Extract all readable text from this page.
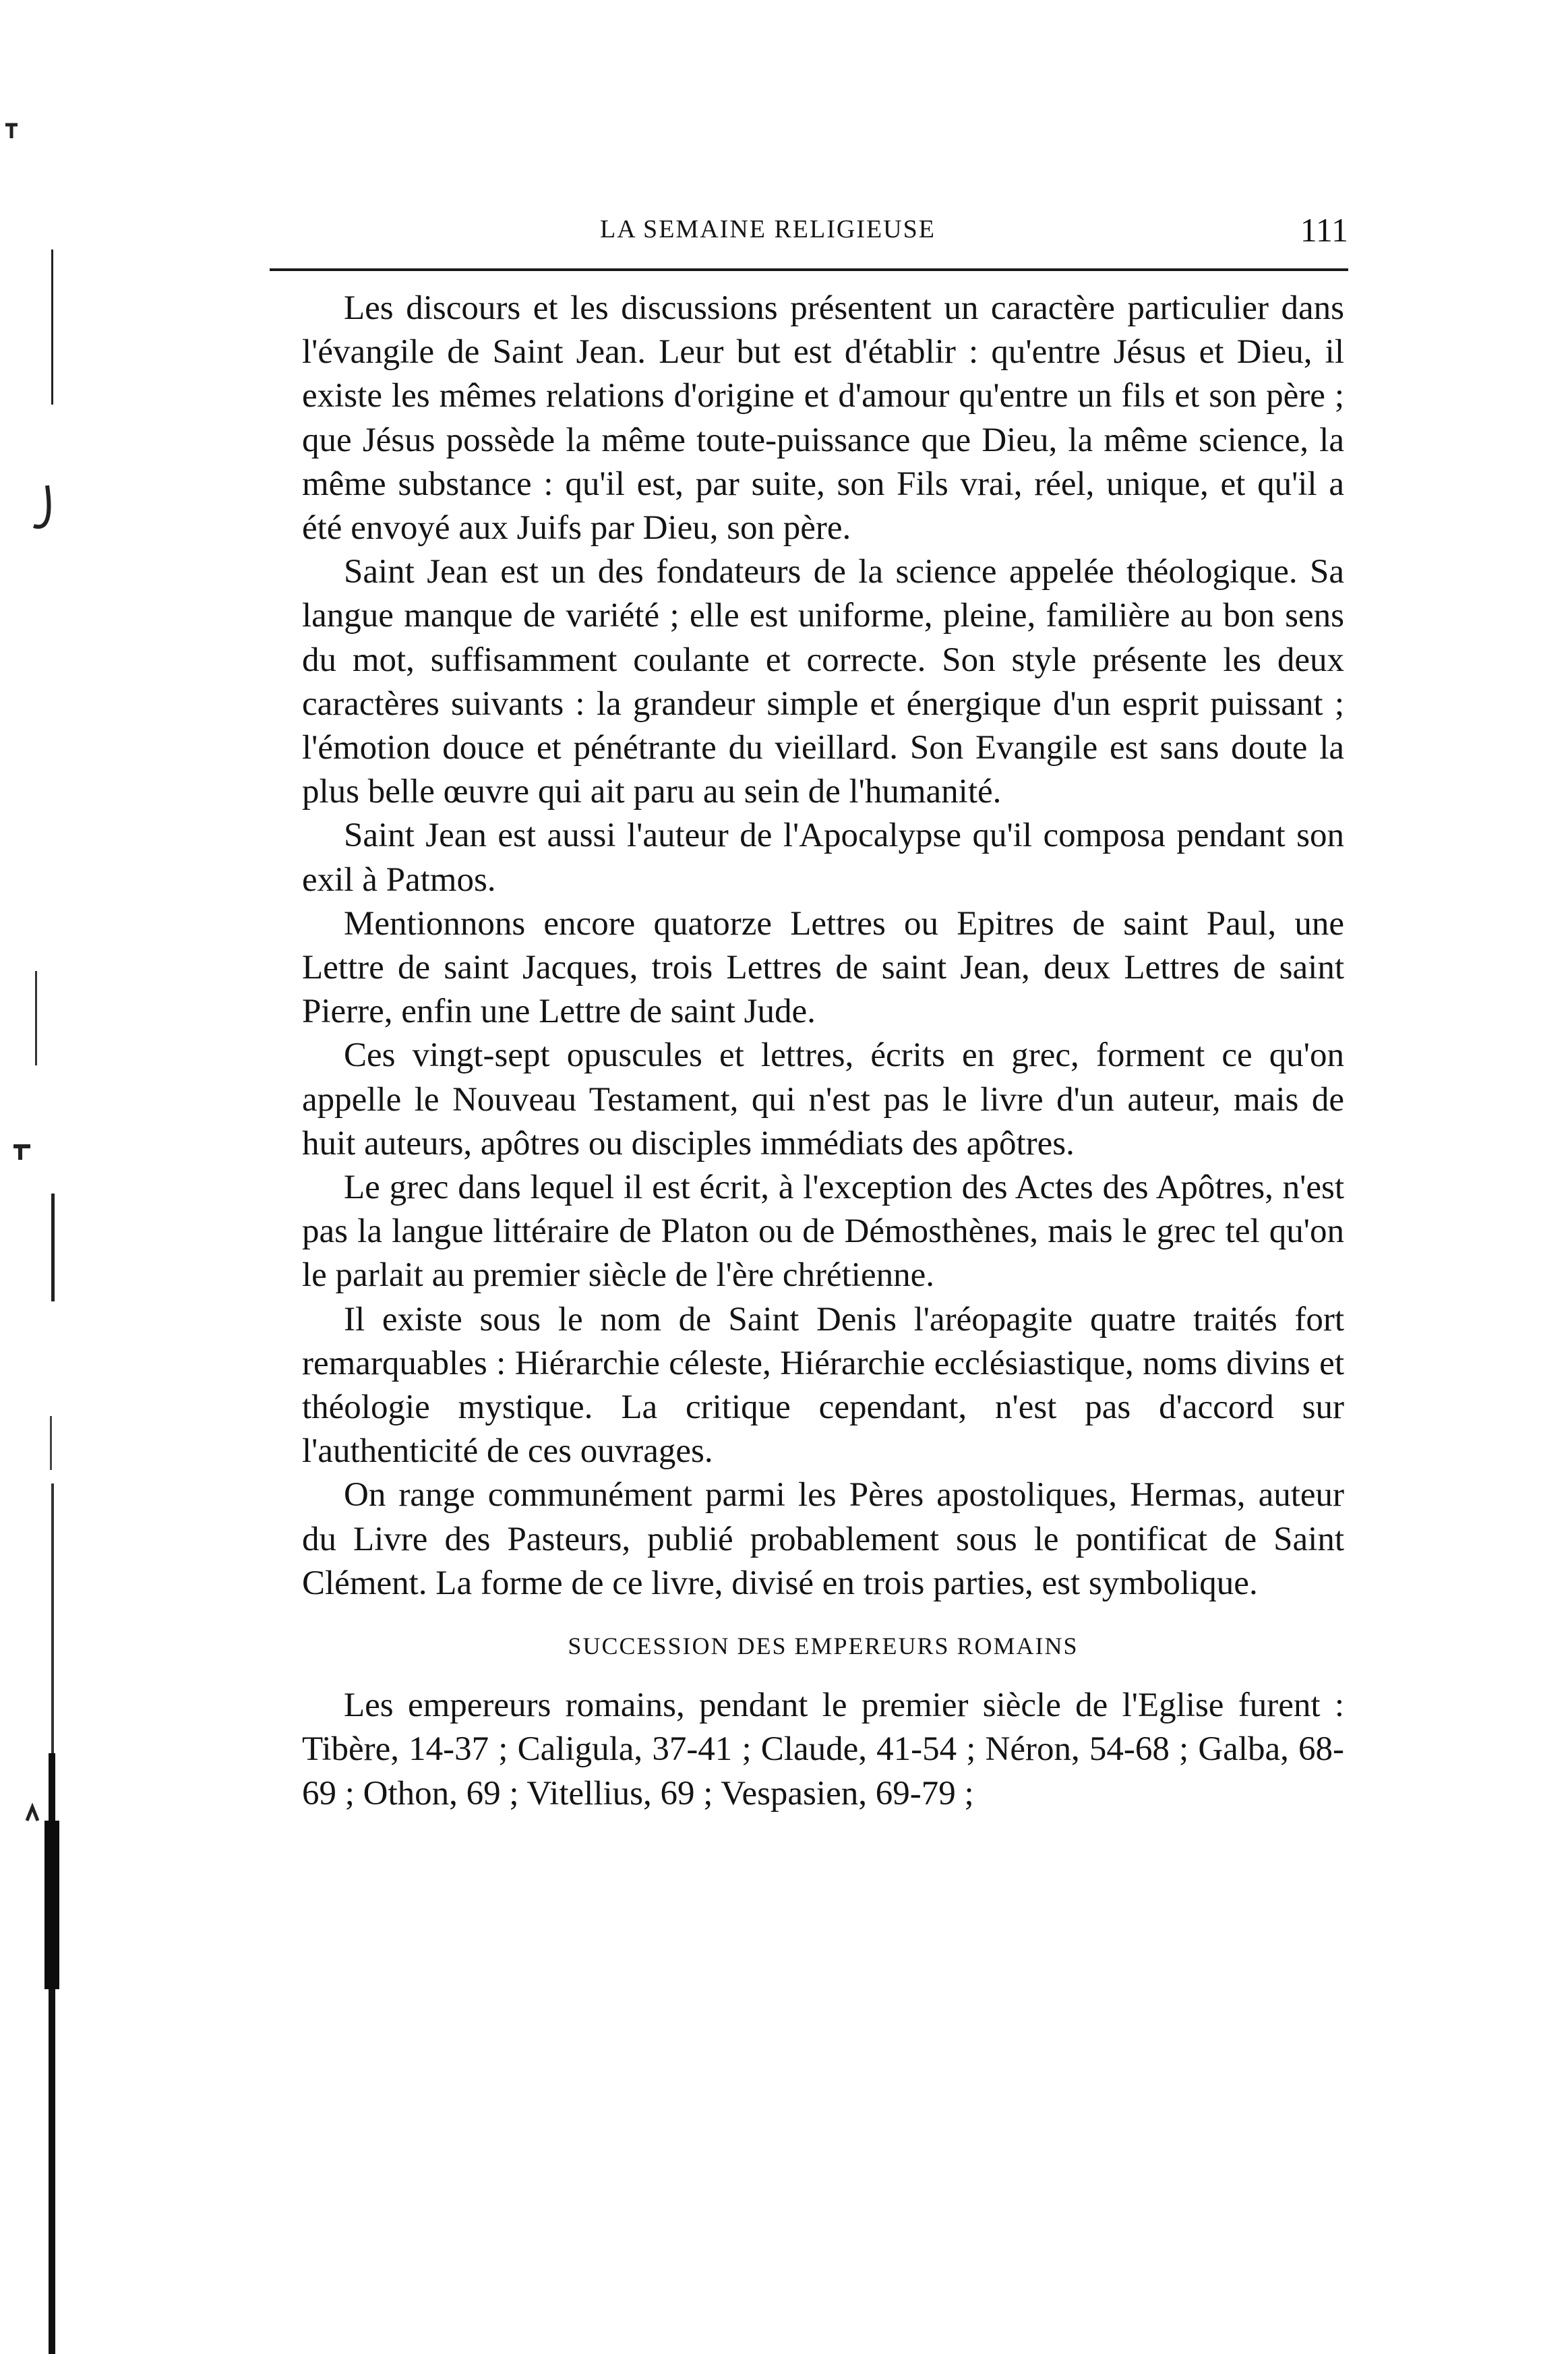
LA SEMAINE RELIGIEUSE	111

Les discours et les discussions présentent un caractère particulier dans l'évangile de Saint Jean. Leur but est d'établir : qu'entre Jésus et Dieu, il existe les mêmes relations d'origine et d'amour qu'entre un fils et son père ; que Jésus possède la même toute-puissance que Dieu, la même science, la même substance : qu'il est, par suite, son Fils vrai, réel, unique, et qu'il a été envoyé aux Juifs par Dieu, son père.

Saint Jean est un des fondateurs de la science appelée théologique. Sa langue manque de variété ; elle est uniforme, pleine, familière au bon sens du mot, suffisamment coulante et correcte. Son style présente les deux caractères suivants : la grandeur simple et énergique d'un esprit puissant ; l'émotion douce et pénétrante du vieillard. Son Evangile est sans doute la plus belle œuvre qui ait paru au sein de l'humanité.

Saint Jean est aussi l'auteur de l'Apocalypse qu'il composa pendant son exil à Patmos.

Mentionnons encore quatorze Lettres ou Epitres de saint Paul, une Lettre de saint Jacques, trois Lettres de saint Jean, deux Lettres de saint Pierre, enfin une Lettre de saint Jude.

Ces vingt-sept opuscules et lettres, écrits en grec, forment ce qu'on appelle le Nouveau Testament, qui n'est pas le livre d'un auteur, mais de huit auteurs, apôtres ou disciples immédiats des apôtres.

Le grec dans lequel il est écrit, à l'exception des Actes des Apôtres, n'est pas la langue littéraire de Platon ou de Démosthènes, mais le grec tel qu'on le parlait au premier siècle de l'ère chrétienne.

Il existe sous le nom de Saint Denis l'aréopagite quatre traités fort remarquables : Hiérarchie céleste, Hiérarchie ecclésiastique, noms divins et théologie mystique. La critique cependant, n'est pas d'accord sur l'authenticité de ces ouvrages.

On range communément parmi les Pères apostoliques, Hermas, auteur du Livre des Pasteurs, publié probablement sous le pontificat de Saint Clément. La forme de ce livre, divisé en trois parties, est symbolique.

SUCCESSION DES EMPEREURS ROMAINS

Les empereurs romains, pendant le premier siècle de l'Eglise furent : Tibère, 14-37 ; Caligula, 37-41 ; Claude, 41-54 ; Néron, 54-68 ; Galba, 68-69 ; Othon, 69 ; Vitellius, 69 ; Vespasien, 69-79 ;
